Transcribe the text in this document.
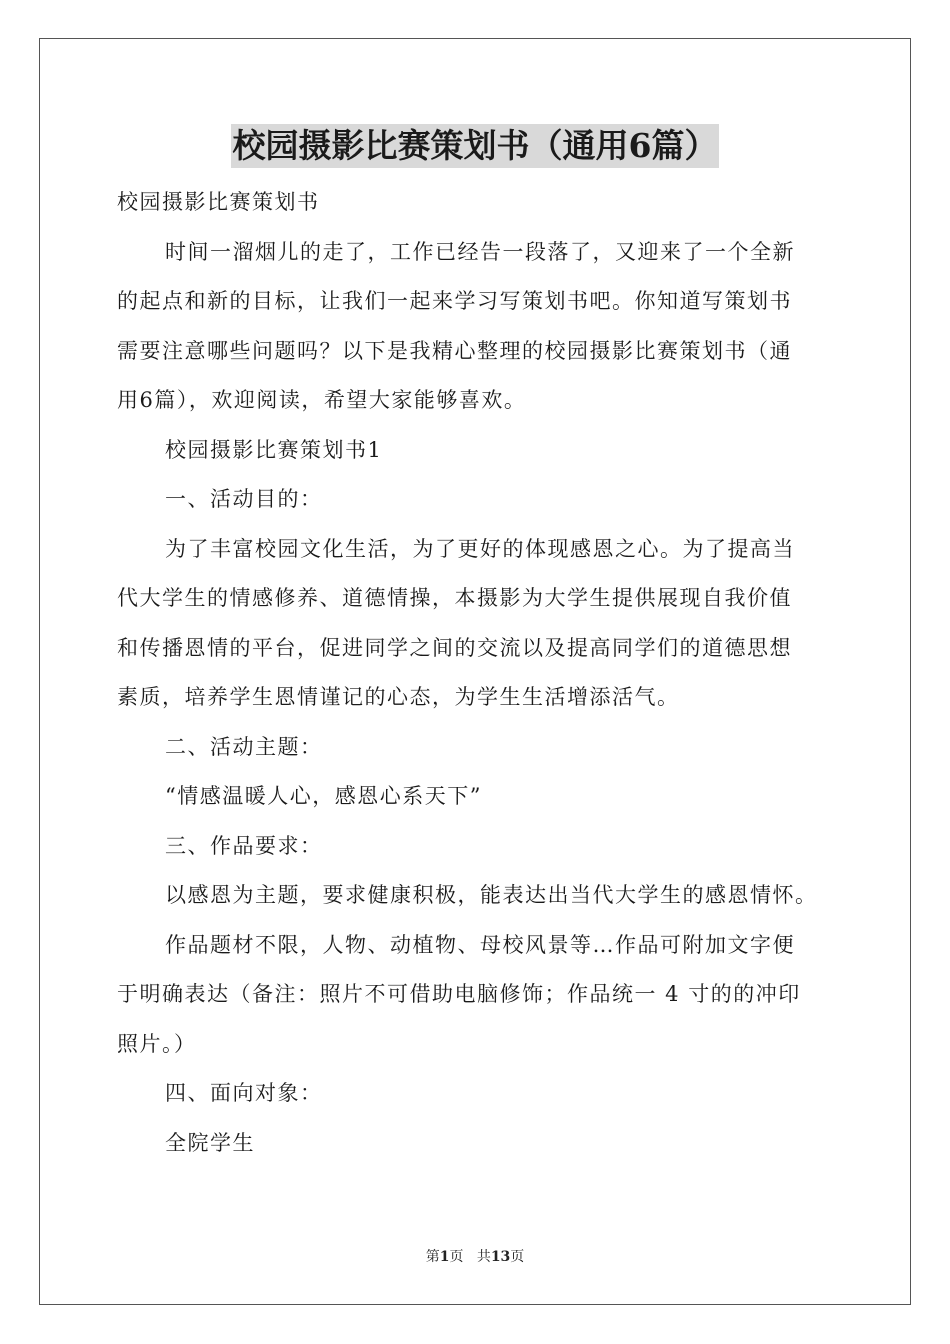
校园摄影比赛策划书（通用6篇）

校园摄影比赛策划书

时间一溜烟儿的走了，工作已经告一段落了，又迎来了一个全新

的起点和新的目标，让我们一起来学习写策划书吧。你知道写策划书

需要注意哪些问题吗？以下是我精心整理的校园摄影比赛策划书（通

用6篇），欢迎阅读，希望大家能够喜欢。

校园摄影比赛策划书1

一、活动目的：

为了丰富校园文化生活，为了更好的体现感恩之心。为了提高当

代大学生的情感修养、道德情操，本摄影为大学生提供展现自我价值

和传播恩情的平台，促进同学之间的交流以及提高同学们的道德思想

素质，培养学生恩情谨记的心态，为学生生活增添活气。

二、活动主题：

“情感温暖人心，感恩心系天下”

三、作品要求：

以感恩为主题，要求健康积极，能表达出当代大学生的感恩情怀。

作品题材不限，人物、动植物、母校风景等…作品可附加文字便

于明确表达（备注：照片不可借助电脑修饰；作品统一 4 寸的的冲印

照片。）

四、面向对象：

全院学生

第1页 共13页
